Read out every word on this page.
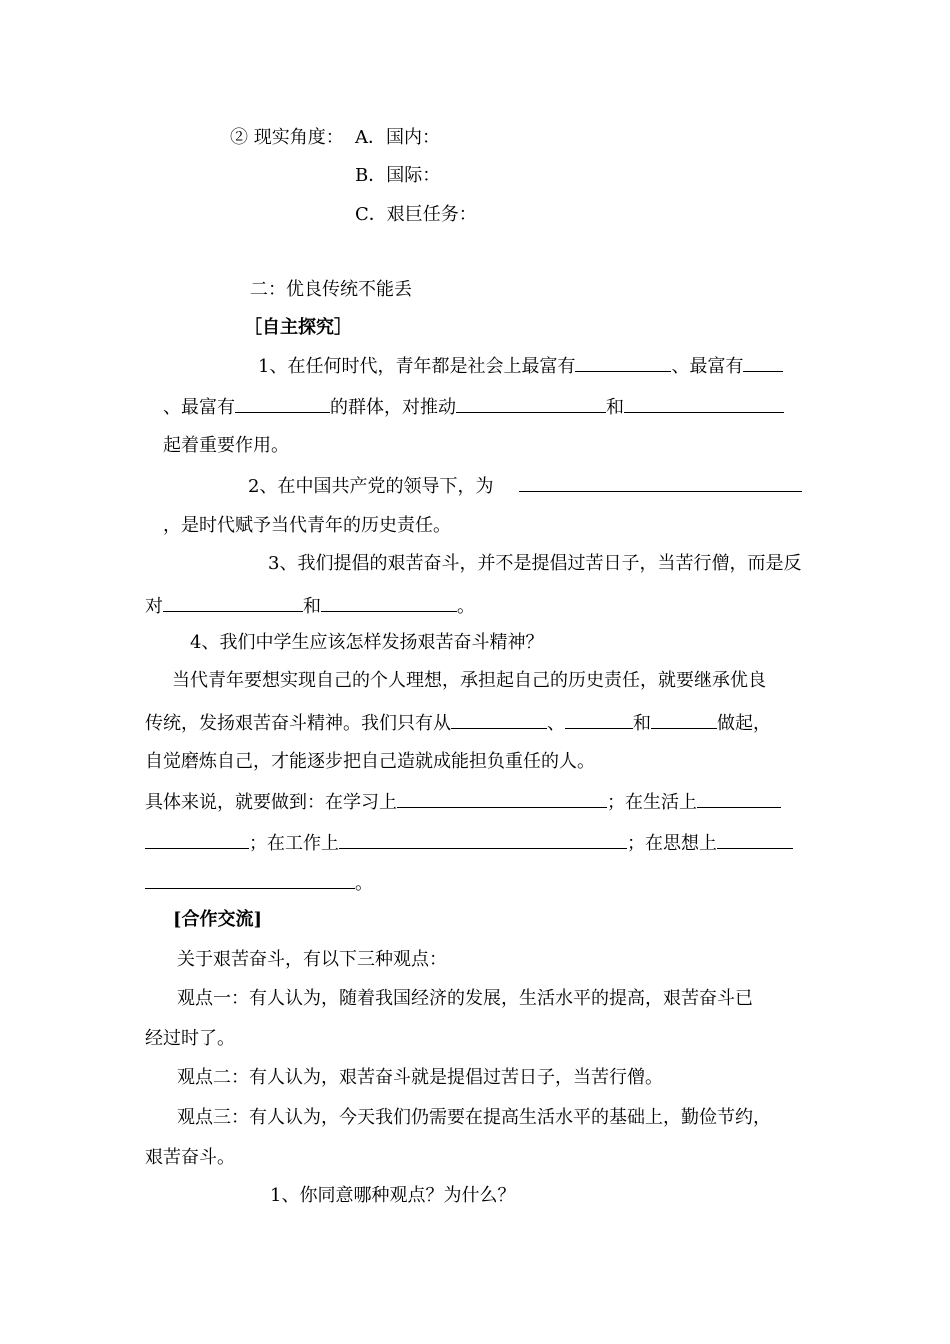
② 现实角度： A．国内：
B．国际：
C．艰巨任务：
二：优良传统不能丢
［自主探究］
1、在任何时代，青年都是社会上最富有	、最富有
、最富有	的群体，对推动	和
起着重要作用。
2、在中国共产党的领导下，为
，是时代赋予当代青年的历史责任。
3、我们提倡的艰苦奋斗，并不是提倡过苦日子，当苦行僧，而是反
对	和	。
4、我们中学生应该怎样发扬艰苦奋斗精神？
当代青年要想实现自己的个人理想，承担起自己的历史责任，就要继承优良
传统，发扬艰苦奋斗精神。我们只有从	、	和	做起，
自觉磨炼自己，才能逐步把自己造就成能担负重任的人。
具体来说，就要做到：在学习上	；在生活上
；在工作上	；在思想上
。
[合作交流]
关于艰苦奋斗，有以下三种观点：
观点一：有人认为，随着我国经济的发展，生活水平的提高，艰苦奋斗已
经过时了。
观点二：有人认为，艰苦奋斗就是提倡过苦日子，当苦行僧。
观点三：有人认为，今天我们仍需要在提高生活水平的基础上，勤俭节约，
艰苦奋斗。
1、你同意哪种观点？为什么？
